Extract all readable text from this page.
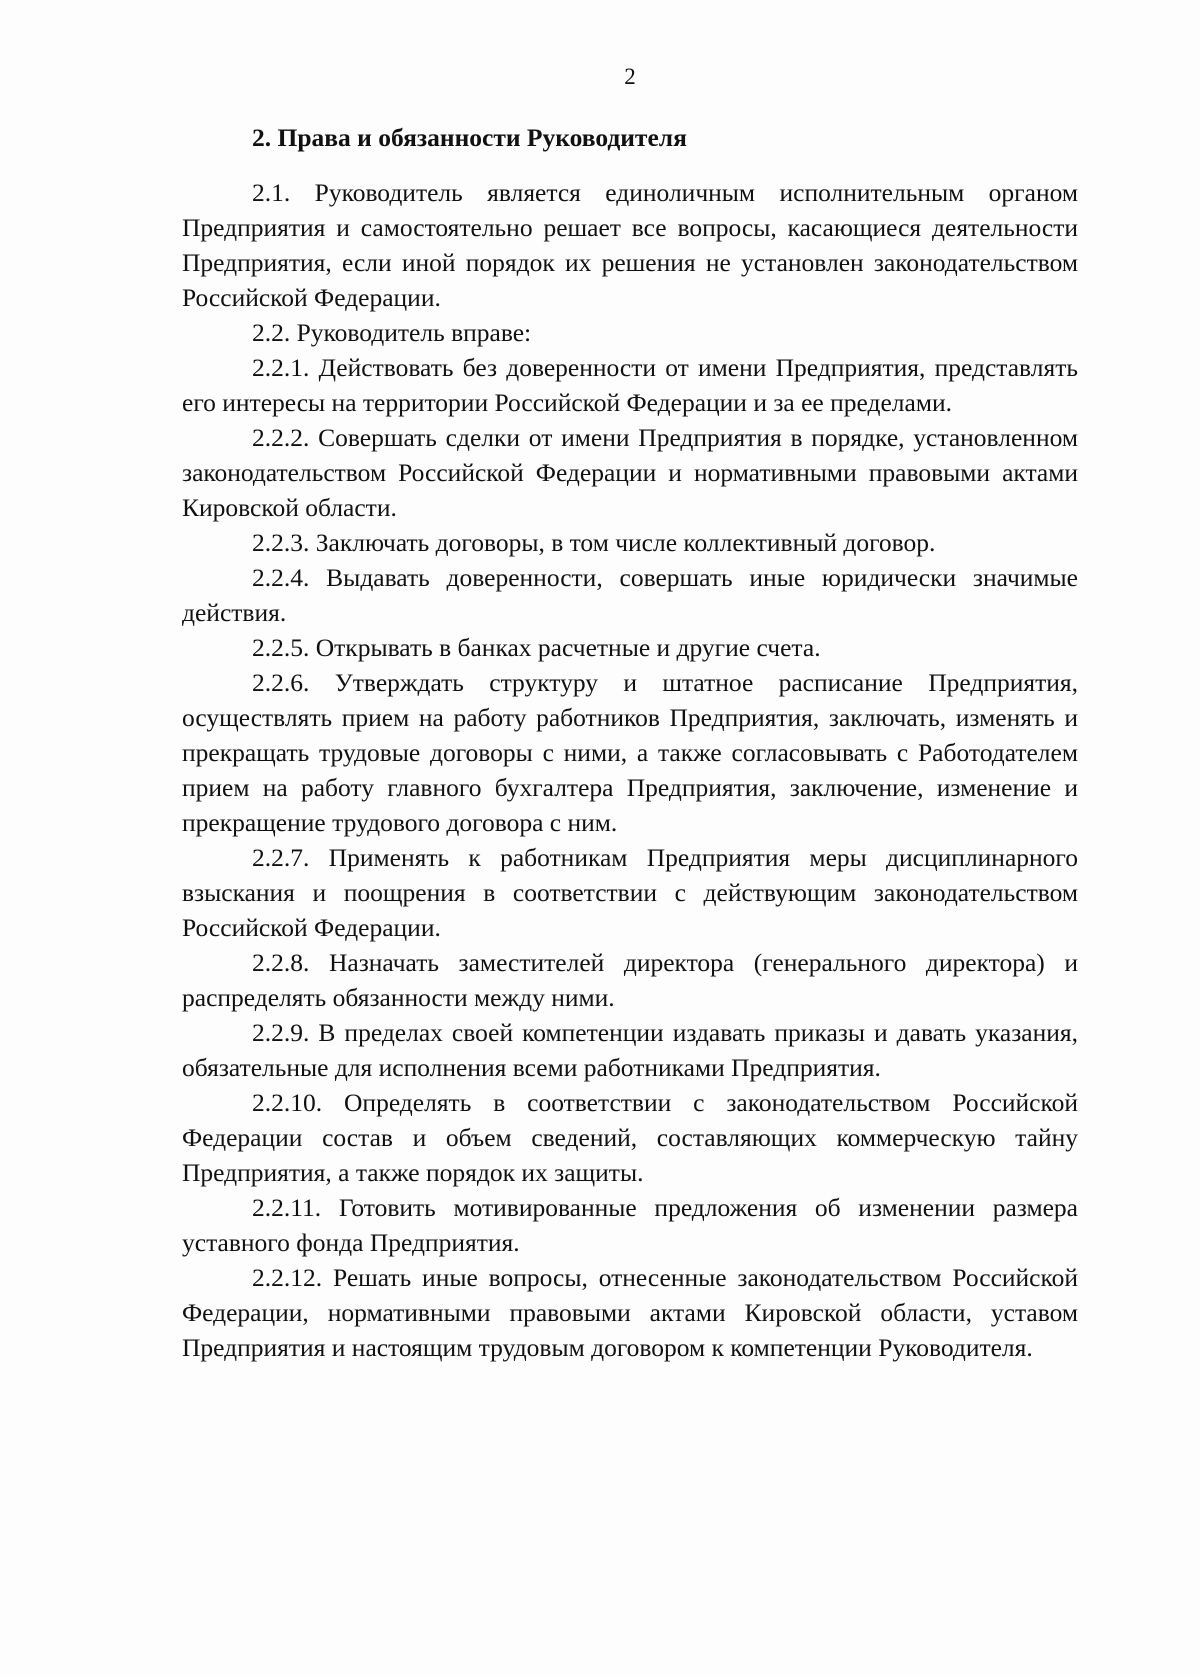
2

2. Права и обязанности Руководителя

2.1. Руководитель является единоличным исполнительным органом Предприятия и самостоятельно решает все вопросы, касающиеся деятельности Предприятия, если иной порядок их решения не установлен законодательством Российской Федерации.

2.2. Руководитель вправе:

2.2.1. Действовать без доверенности от имени Предприятия, представлять его интересы на территории Российской Федерации и за ее пределами.

2.2.2. Совершать сделки от имени Предприятия в порядке, установленном законодательством Российской Федерации и нормативными правовыми актами Кировской области.

2.2.3. Заключать договоры, в том числе коллективный договор.

2.2.4. Выдавать доверенности, совершать иные юридически значимые действия.

2.2.5. Открывать в банках расчетные и другие счета.

2.2.6. Утверждать структуру и штатное расписание Предприятия, осуществлять прием на работу работников Предприятия, заключать, изменять и прекращать трудовые договоры с ними, а также согласовывать с Работодателем прием на работу главного бухгалтера Предприятия, заключение, изменение и прекращение трудового договора с ним.

2.2.7. Применять к работникам Предприятия меры дисциплинарного взыскания и поощрения в соответствии с действующим законодательством Российской Федерации.

2.2.8. Назначать заместителей директора (генерального директора) и распределять обязанности между ними.

2.2.9. В пределах своей компетенции издавать приказы и давать указания, обязательные для исполнения всеми работниками Предприятия.

2.2.10. Определять в соответствии с законодательством Российской Федерации состав и объем сведений, составляющих коммерческую тайну Предприятия, а также порядок их защиты.

2.2.11. Готовить мотивированные предложения об изменении размера уставного фонда Предприятия.

2.2.12. Решать иные вопросы, отнесенные законодательством Российской Федерации, нормативными правовыми актами Кировской области, уставом Предприятия и настоящим трудовым договором к компетенции Руководителя.
